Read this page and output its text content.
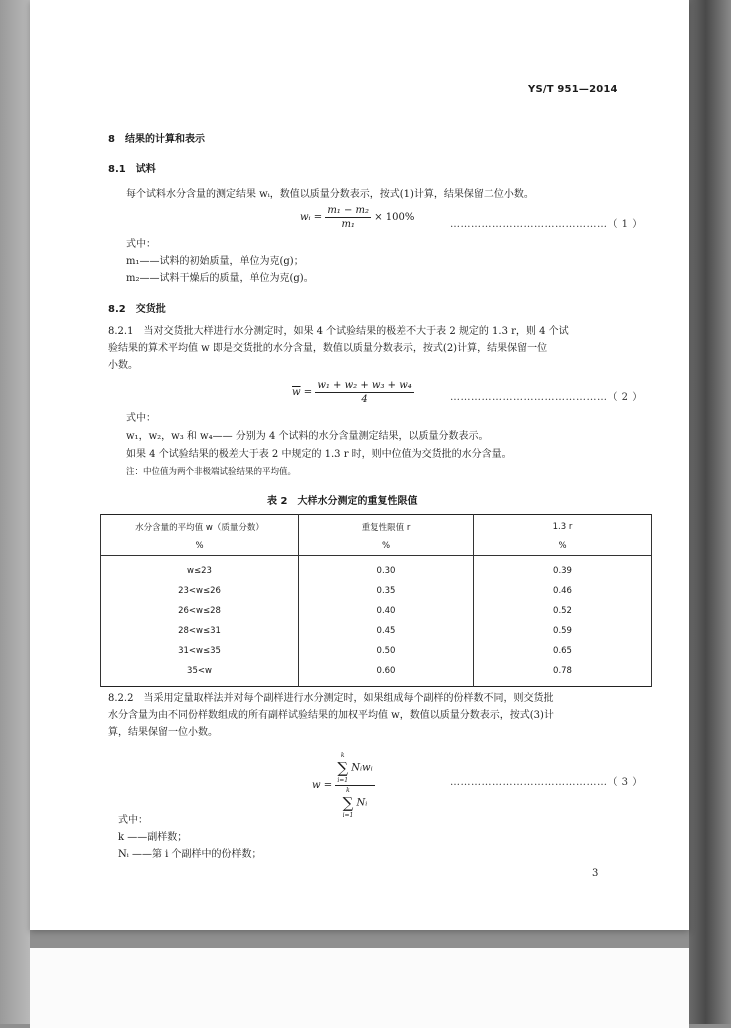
YS/T 951—2014
8　结果的计算和表示
8.1　试料
每个试料水分含量的测定结果 wᵢ，数值以质量分数表示，按式(1)计算，结果保留二位小数。
wᵢ = $\frac{\text{m₁ − m₂}}{\text{m₁}} \times 100\%$
………………………………………（ 1 ）
式中：
m₁——试料的初始质量，单位为克(g)；
m₂——试料干燥后的质量，单位为克(g)。
8.2　交货批
8.2.1　当对交货批大样进行水分测定时，如果 4 个试验结果的极差不大于表 2 规定的 1.3 r，则 4 个试
验结果的算术平均值 w 即是交货批的水分含量，数值以质量分数表示，按式(2)计算，结果保留一位
小数。
$\overline{w} = \frac{\text{w₁ + w₂ + w₃ + w₄}}{4}$	………………………………………（ 2 ）
式中：
w₁，w₂，w₃ 和 w₄—— 分别为 4 个试料的水分含量测定结果，以质量分数表示。
如果 4 个试验结果的极差大于表 2 中规定的 1.3 r 时，则中位值为交货批的水分含量。
注：中位值为两个非极端试验结果的平均值。
表 2　大样水分测定的重复性限值
水分含量的平均值 w（质量分数）	重复性限值 r	1.3 r
%	%	%
w≤23	0.30	0.39
23<w≤26	0.35	0.46
26<w≤28	0.40	0.52
28<w≤31	0.45	0.59
31<w≤35	0.50	0.65
35<w	0.60	0.78
8.2.2　当采用定量取样法并对每个副样进行水分测定时，如果组成每个副样的份样数不同，则交货批
水分含量为由不同份样数组成的所有副样试验结果的加权平均值 w，数值以质量分数表示，按式(3)计
算，结果保留一位小数。
w = k
∑
i=1
Nᵢwᵢ
k
∑
i=1
Nᵢ	………………………………………（ 3 ）
式中：
k ——副样数；
Nᵢ ——第 i 个副样中的份样数；
3
